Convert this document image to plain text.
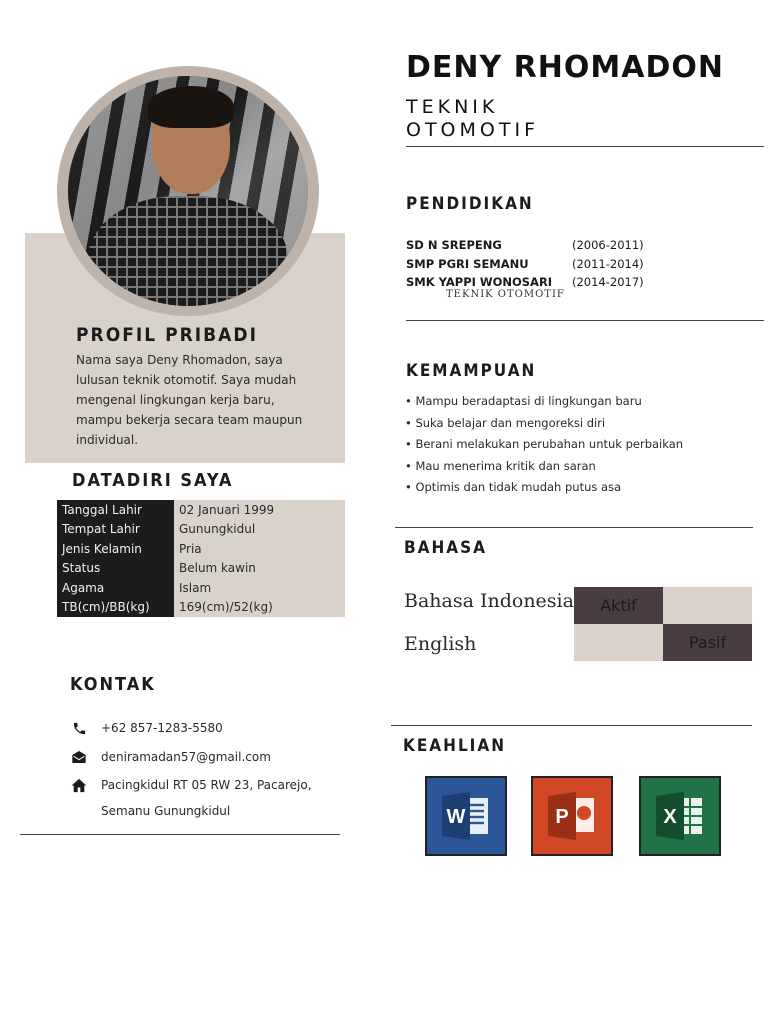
PROFIL PRIBADI
Nama saya Deny Rhomadon, saya lulusan teknik otomotif. Saya mudah mengenal lingkungan kerja baru, mampu bekerja secara team maupun individual.
DATADIRI SAYA
Tanggal Lahir	02 Januari 1999
Tempat Lahir	Gunungkidul
Jenis Kelamin	Pria
Status	Belum kawin
Agama	Islam
TB(cm)/BB(kg)	169(cm)/52(kg)
KONTAK
+62 857-1283-5580
deniramadan57@gmail.com
Pacingkidul RT 05 RW 23, Pacarejo,
Semanu Gunungkidul
DENY RHOMADON
TEKNIK
OTOMOTIF
PENDIDIKAN
SD N SREPENG	(2006-2011)
SMP PGRI SEMANU	(2011-2014)
SMK YAPPI WONOSARI	(2014-2017)
TEKNIK OTOMOTIF
KEMAMPUAN
• Mampu beradaptasi di lingkungan baru
• Suka belajar dan mengoreksi diri
• Berani melakukan perubahan untuk perbaikan
• Mau menerima kritik dan saran
• Optimis dan tidak mudah putus asa
BAHASA
Bahasa Indonesia Aktif
English	Pasif
KEAHLIAN
W	P	X
